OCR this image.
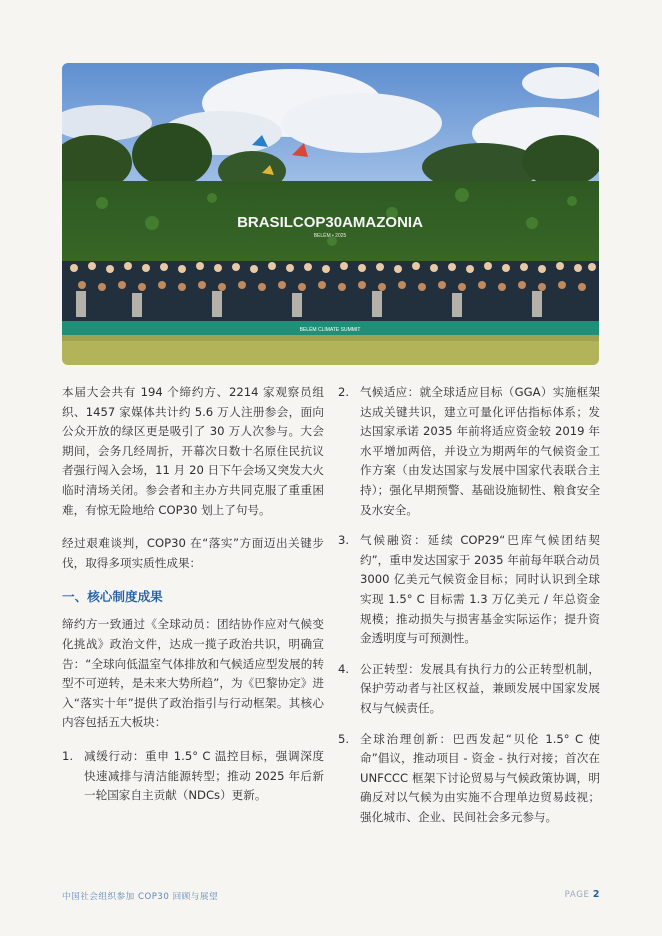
BRASILCOP30AMAZONIA
BELÉM • 2025
BELÉM CLIMATE SUMMIT

本届大会共有 194 个缔约方、2214 家观察员组织、1457 家媒体共计约 5.6 万人注册参会，面向公众开放的绿区更是吸引了 30 万人次参与。大会期间，会务几经周折，开幕次日数十名原住民抗议者强行闯入会场，11 月 20 日下午会场又突发大火临时清场关闭。参会者和主办方共同克服了重重困难，有惊无险地给 COP30 划上了句号。

经过艰难谈判，COP30 在“落实”方面迈出关键步伐，取得多项实质性成果：

一、核心制度成果

缔约方一致通过《全球动员：团结协作应对气候变化挑战》政治文件，达成一揽子政治共识，明确宣告：“全球向低温室气体排放和气候适应型发展的转型不可逆转，是未来大势所趋”，为《巴黎协定》进入“落实十年”提供了政治指引与行动框架。其核心内容包括五大板块：

1. 减缓行动：重申 1.5° C 温控目标，强调深度快速减排与清洁能源转型；推动 2025 年后新一轮国家自主贡献（NDCs）更新。
2. 气候适应：就全球适应目标（GGA）实施框架达成关键共识，建立可量化评估指标体系；发达国家承诺 2035 年前将适应资金较 2019 年水平增加两倍，并设立为期两年的气候资金工作方案（由发达国家与发展中国家代表联合主持）；强化早期预警、基础设施韧性、粮食安全及水安全。
3. 气候融资：延续 COP29“巴库气候团结契约”，重申发达国家于 2035 年前每年联合动员 3000 亿美元气候资金目标；同时认识到全球实现 1.5° C 目标需 1.3 万亿美元 / 年总资金规模；推动损失与损害基金实际运作；提升资金透明度与可预测性。
4. 公正转型：发展具有执行力的公正转型机制，保护劳动者与社区权益，兼顾发展中国家发展权与气候责任。
5. 全球治理创新：巴西发起“贝伦 1.5° C 使命”倡议，推动项目 - 资金 - 执行对接；首次在 UNFCCC 框架下讨论贸易与气候政策协调，明确反对以气候为由实施不合理单边贸易歧视；强化城市、企业、民间社会多元参与。
中国社会组织参加 COP30 回顾与展望	PAGE 2
